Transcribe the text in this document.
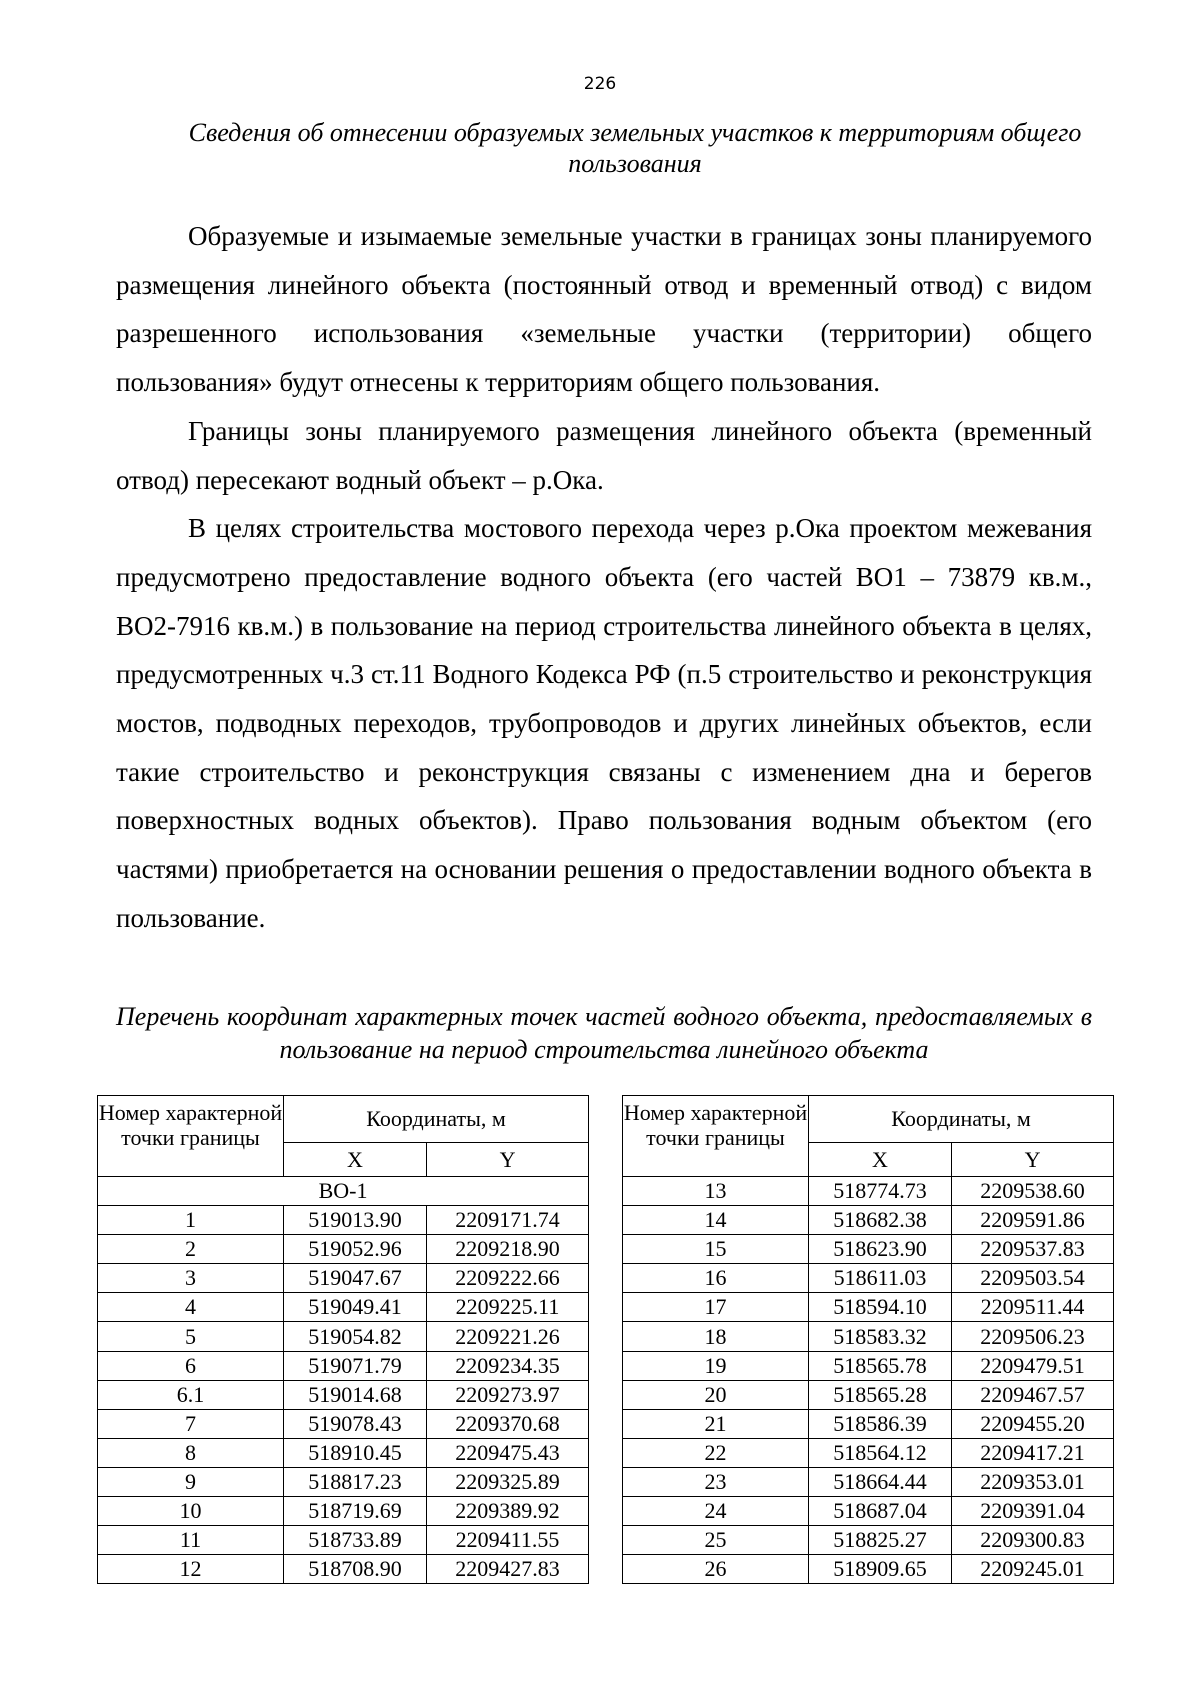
226
Сведения об отнесении образуемых земельных участков к территориям общего пользования

Образуемые и изымаемые земельные участки в границах зоны планируемого размещения линейного объекта (постоянный отвод и временный отвод) с видом разрешенного использования «земельные участки (территории) общего пользования» будут отнесены к территориям общего пользования.

Границы зоны планируемого размещения линейного объекта (временный отвод) пересекают водный объект – р.Ока.

В целях строительства мостового перехода через р.Ока проектом межевания предусмотрено предоставление водного объекта (его частей ВО1 – 73879 кв.м., ВО2-7916 кв.м.) в пользование на период строительства линейного объекта в целях, предусмотренных ч.3 ст.11 Водного Кодекса РФ (п.5 строительство и реконструкция мостов, подводных переходов, трубопроводов и других линейных объектов, если такие строительство и реконструкция связаны с изменением дна и берегов поверхностных водных объектов). Право пользования водным объектом (его частями) приобретается на основании решения о предоставлении водного объекта в пользование.

Перечень координат характерных точек частей водного объекта, предоставляемых в пользование на период строительства линейного объекта
Номер характерной точки границы	Координаты, м	
	X	Y
ВО-1		
1	519013.90	2209171.74
2	519052.96	2209218.90
3	519047.67	2209222.66
4	519049.41	2209225.11
5	519054.82	2209221.26
6	519071.79	2209234.35
6.1	519014.68	2209273.97
7	519078.43	2209370.68
8	518910.45	2209475.43
9	518817.23	2209325.89
10	518719.69	2209389.92
11	518733.89	2209411.55
12	518708.90	2209427.83
Номер характерной точки границы	Координаты, м	
	X	Y
13	518774.73	2209538.60
14	518682.38	2209591.86
15	518623.90	2209537.83
16	518611.03	2209503.54
17	518594.10	2209511.44
18	518583.32	2209506.23
19	518565.78	2209479.51
20	518565.28	2209467.57
21	518586.39	2209455.20
22	518564.12	2209417.21
23	518664.44	2209353.01
24	518687.04	2209391.04
25	518825.27	2209300.83
26	518909.65	2209245.01
